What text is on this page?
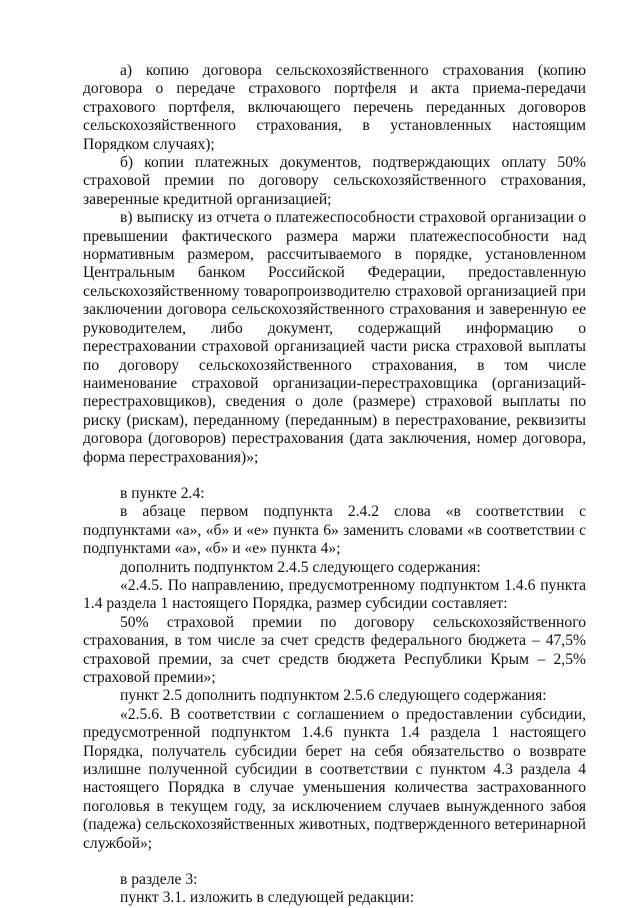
а) копию договора сельскохозяйственного страхования (копию договора о передаче страхового портфеля и акта приема-передачи страхового портфеля, включающего перечень переданных договоров сельскохозяйственного страхования, в установленных настоящим Порядком случаях);

б) копии платежных документов, подтверждающих оплату 50% страховой премии по договору сельскохозяйственного страхования, заверенные кредитной организацией;

в) выписку из отчета о платежеспособности страховой организации о превышении фактического размера маржи платежеспособности над нормативным размером, рассчитываемого в порядке, установленном Центральным банком Российской Федерации, предоставленную сельскохозяйственному товаропроизводителю страховой организацией при заключении договора сельскохозяйственного страхования и заверенную ее руководителем, либо документ, содержащий информацию о перестраховании страховой организацией части риска страховой выплаты по договору сельскохозяйственного страхования, в том числе наименование страховой организации-перестраховщика (организаций-перестраховщиков), сведения о доле (размере) страховой выплаты по риску (рискам), переданному (переданным) в перестрахование, реквизиты договора (договоров) перестрахования (дата заключения, номер договора, форма перестрахования)»;

в пункте 2.4:

в абзаце первом подпункта 2.4.2 слова «в соответствии с подпунктами «а», «б» и «е» пункта 6» заменить словами «в соответствии с подпунктами «а», «б» и «е» пункта 4»;

дополнить подпунктом 2.4.5 следующего содержания:

«2.4.5. По направлению, предусмотренному подпунктом 1.4.6 пункта 1.4 раздела 1 настоящего Порядка, размер субсидии составляет:

50% страховой премии по договору сельскохозяйственного страхования, в том числе за счет средств федерального бюджета – 47,5% страховой премии, за счет средств бюджета Республики Крым – 2,5% страховой премии»;

пункт 2.5 дополнить подпунктом 2.5.6 следующего содержания:

«2.5.6. В соответствии с соглашением о предоставлении субсидии, предусмотренной подпунктом 1.4.6 пункта 1.4 раздела 1 настоящего Порядка, получатель субсидии берет на себя обязательство о возврате излишне полученной субсидии в соответствии с пунктом 4.3 раздела 4 настоящего Порядка в случае уменьшения количества застрахованного поголовья в текущем году, за исключением случаев вынужденного забоя (падежа) сельскохозяйственных животных, подтвержденного ветеринарной службой»;

в разделе 3:

пункт 3.1. изложить в следующей редакции:
